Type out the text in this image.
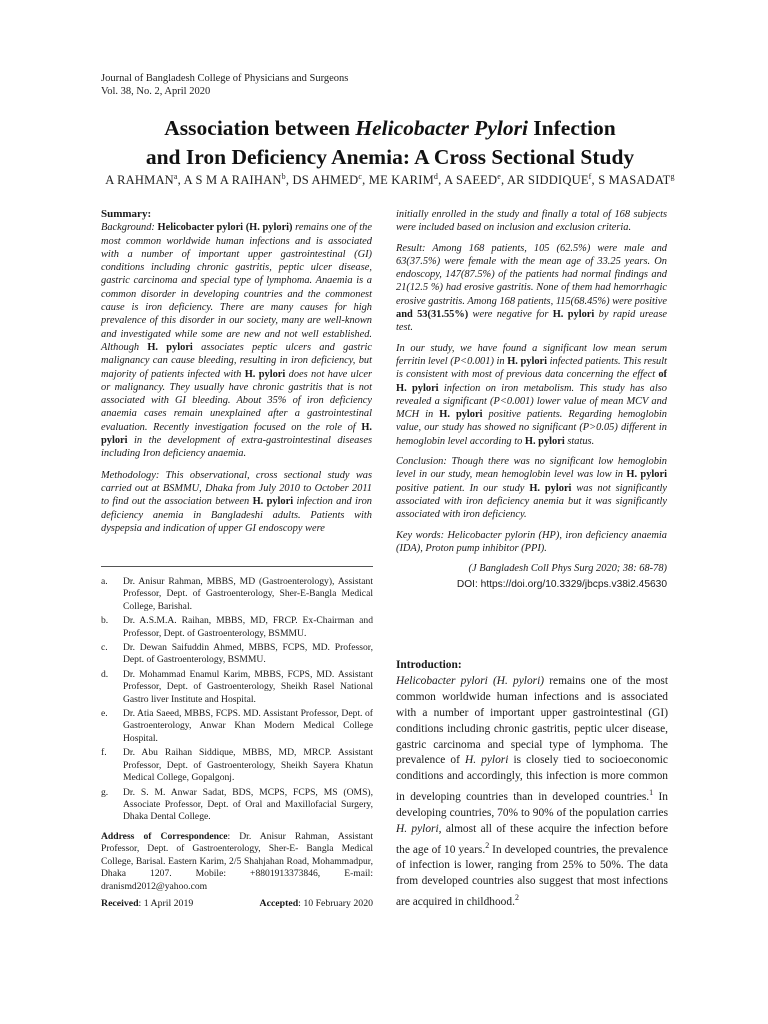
Journal of Bangladesh College of Physicians and Surgeons
Vol. 38, No. 2, April 2020
Association between Helicobacter Pylori Infection
and Iron Deficiency Anemia: A Cross Sectional Study
A RAHMAN$^a$, A S M A RAIHAN$^b$, DS AHMED$^c$, ME KARIM$^d$, A SAEED$^e$, AR SIDDIQUE$^f$, S MASADAT$^g$
Summary:

Background: Helicobacter pylori (H. pylori) remains one of the most common worldwide human infections and is associated with a number of important upper gastrointestinal (GI) conditions including chronic gastritis, peptic ulcer disease, gastric carcinoma and special type of lymphoma. Anaemia is a common disorder in developing countries and the commonest cause is iron deficiency. There are many causes for high prevalence of this disorder in our society, many are well-known and investigated while some are new and not well established. Although H. pylori associates peptic ulcers and gastric malignancy can cause bleeding, resulting in iron deficiency, but majority of patients infected with H. pylori does not have ulcer or malignancy. They usually have chronic gastritis that is not associated with GI bleeding. About 35% of iron deficiency anaemia cases remain unexplained after a gastrointestinal evaluation. Recently investigation focused on the role of H. pylori in the development of extra-gastrointestinal diseases including Iron deficiency anaemia.

Methodology: This observational, cross sectional study was carried out at BSMMU, Dhaka from July 2010 to October 2011 to find out the association between H. pylori infection and iron deficiency anemia in Bangladeshi adults. Patients with dyspepsia and indication of upper GI endoscopy were

initially enrolled in the study and finally a total of 168 subjects were included based on inclusion and exclusion criteria.

Result: Among 168 patients, 105 (62.5%) were male and 63(37.5%) were female with the mean age of 33.25 years. On endoscopy, 147(87.5%) of the patients had normal findings and 21(12.5 %) had erosive gastritis. None of them had hemorrhagic erosive gastritis. Among 168 patients, 115(68.45%) were positive and 53(31.55%) were negative for H. pylori by rapid urease test.

In our study, we have found a significant low mean serum ferritin level (P<0.001) in H. pylori infected patients. This result is consistent with most of previous data concerning the effect of H. pylori infection on iron metabolism. This study has also revealed a significant (P<0.001) lower value of mean MCV and MCH in H. pylori positive patients. Regarding hemoglobin value, our study has showed no significant (P>0.05) different in hemoglobin level according to H. pylori status.

Conclusion: Though there was no significant low hemoglobin level in our study, mean hemoglobin level was low in H. pylori positive patient. In our study H. pylori was not significantly associated with iron deficiency anemia but it was significantly associated with iron deficiency.

Key words: Helicobacter pylorin (HP), iron deficiency anaemia (IDA), Proton pump inhibitor (PPI).

(J Bangladesh Coll Phys Surg 2020; 38: 68-78)

DOI: https://doi.org/10.3329/jbcps.v38i2.45630

a.	Dr. Anisur Rahman, MBBS, MD (Gastroenterology), Assistant Professor, Dept. of Gastroenterology, Sher-E-Bangla Medical College, Barishal.
b.	Dr. A.S.M.A. Raihan, MBBS, MD, FRCP. Ex-Chairman and Professor, Dept. of Gastroenterology, BSMMU.
c.	Dr. Dewan Saifuddin Ahmed, MBBS, FCPS, MD. Professor, Dept. of Gastroenterology, BSMMU.
d.	Dr. Mohammad Enamul Karim, MBBS, FCPS, MD. Assistant Professor, Dept. of Gastroenterology, Sheikh Rasel National Gastro liver Institute and Hospital.
e.	Dr. Atia Saeed, MBBS, FCPS. MD. Assistant Professor, Dept. of Gastroenterology, Anwar Khan Modern Medical College Hospital.
f.	Dr. Abu Raihan Siddique, MBBS, MD, MRCP. Assistant Professor, Dept. of Gastroenterology, Sheikh Sayera Khatun Medical College, Gopalgonj.
g.	Dr. S. M. Anwar Sadat, BDS, MCPS, FCPS, MS (OMS), Associate Professor, Dept. of Oral and Maxillofacial Surgery, Dhaka Dental College.
Address of Correspondence: Dr. Anisur Rahman, Assistant Professor, Dept. of Gastroenterology, Sher-E- Bangla Medical College, Barisal. Eastern Karim, 2/5 Shahjahan Road, Mohammadpur, Dhaka 1207. Mobile: +8801913373846, E-mail: dranismd2012@yahoo.com
Received: 1 April 2019	Accepted: 10 February 2020
Introduction:

Helicobacter pylori (H. pylori) remains one of the most common worldwide human infections and is associated with a number of important upper gastrointestinal (GI) conditions including chronic gastritis, peptic ulcer disease, gastric carcinoma and special type of lymphoma. The prevalence of H. pylori is closely tied to socioeconomic conditions and accordingly, this infection is more common in developing countries than in developed countries.$^1$ In developing countries, 70% to 90% of the population carries H. pylori, almost all of these acquire the infection before the age of 10 years.$^2$ In developed countries, the prevalence of infection is lower, ranging from 25% to 50%. The data from developed countries also suggest that most infections are acquired in childhood.$^2$
